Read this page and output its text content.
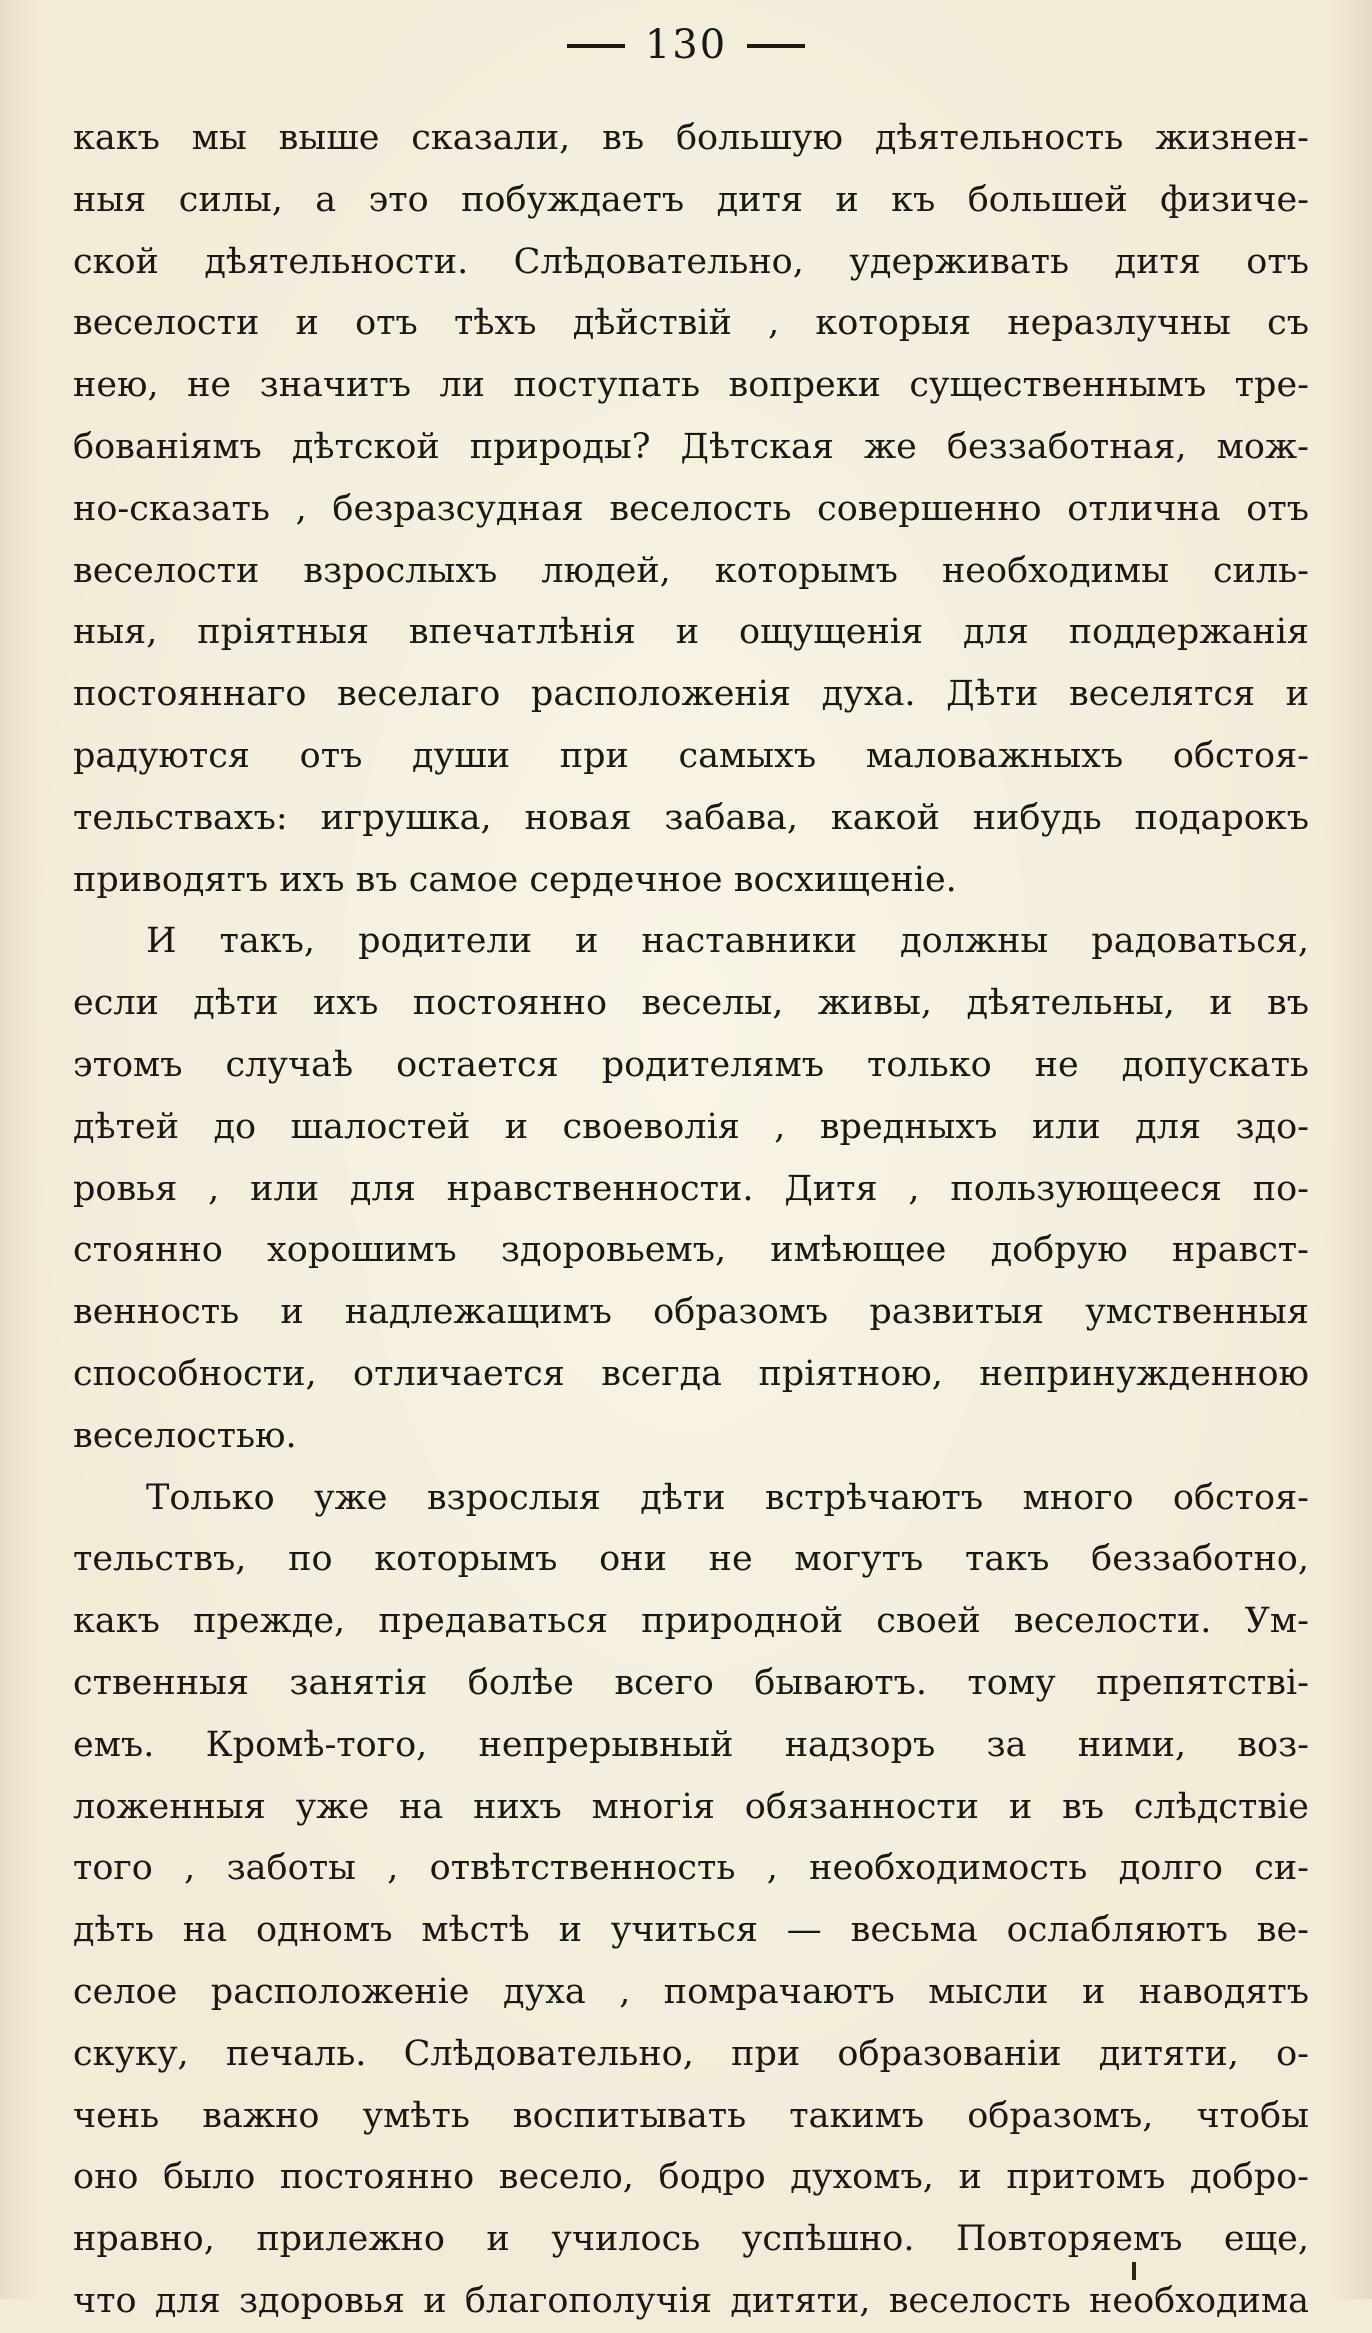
130
какъ мы выше сказали, въ большую дѣятельность жизнен-
ныя силы, а это побуждаетъ дитя и къ большей физиче-
ской дѣятельности. Слѣдовательно, удерживать дитя отъ
веселости и отъ тѣхъ дѣйствій , которыя неразлучны съ
нею, не значитъ ли поступать вопреки существеннымъ тре-
бованіямъ дѣтской природы? Дѣтская же беззаботная, мож-
но-сказать , безразсудная веселость совершенно отлична отъ
веселости взрослыхъ людей, которымъ необходимы силь-
ныя, пріятныя впечатлѣнія и ощущенія для поддержанія
постояннаго веселаго расположенія духа. Дѣти веселятся и
радуются отъ души при самыхъ маловажныхъ обстоя-
тельствахъ: игрушка, новая забава, какой нибудь подарокъ
приводятъ ихъ въ самое сердечное восхищеніе.
И такъ, родители и наставники должны радоваться,
если дѣти ихъ постоянно веселы, живы, дѣятельны, и въ
этомъ случаѣ остается родителямъ только не допускать
дѣтей до шалостей и своеволія , вредныхъ или для здо-
ровья , или для нравственности. Дитя , пользующееся по-
стоянно хорошимъ здоровьемъ, имѣющее добрую нравст-
венность и надлежащимъ образомъ развитыя умственныя
способности, отличается всегда пріятною, непринужденною
веселостью.
Только уже взрослыя дѣти встрѣчаютъ много обстоя-
тельствъ, по которымъ они не могутъ такъ беззаботно,
какъ прежде, предаваться природной своей веселости. Ум-
ственныя занятія болѣе всего бываютъ. тому препятстві-
емъ. Кромѣ-того, непрерывный надзоръ за ними, воз-
ложенныя уже на нихъ многія обязанности и въ слѣдствіе
того , заботы , отвѣтственность , необходимость долго си-
дѣть на одномъ мѣстѣ и учиться — весьма ослабляютъ ве-
селое расположеніе духа , помрачаютъ мысли и наводятъ
скуку, печаль. Слѣдовательно, при образованіи дитяти, о-
чень важно умѣть воспитывать такимъ образомъ, чтобы
оно было постоянно весело, бодро духомъ, и притомъ добро-
нравно, прилежно и училось успѣшно. Повторяемъ еще,
что для здоровья и благополучія дитяти, веселость необходима
